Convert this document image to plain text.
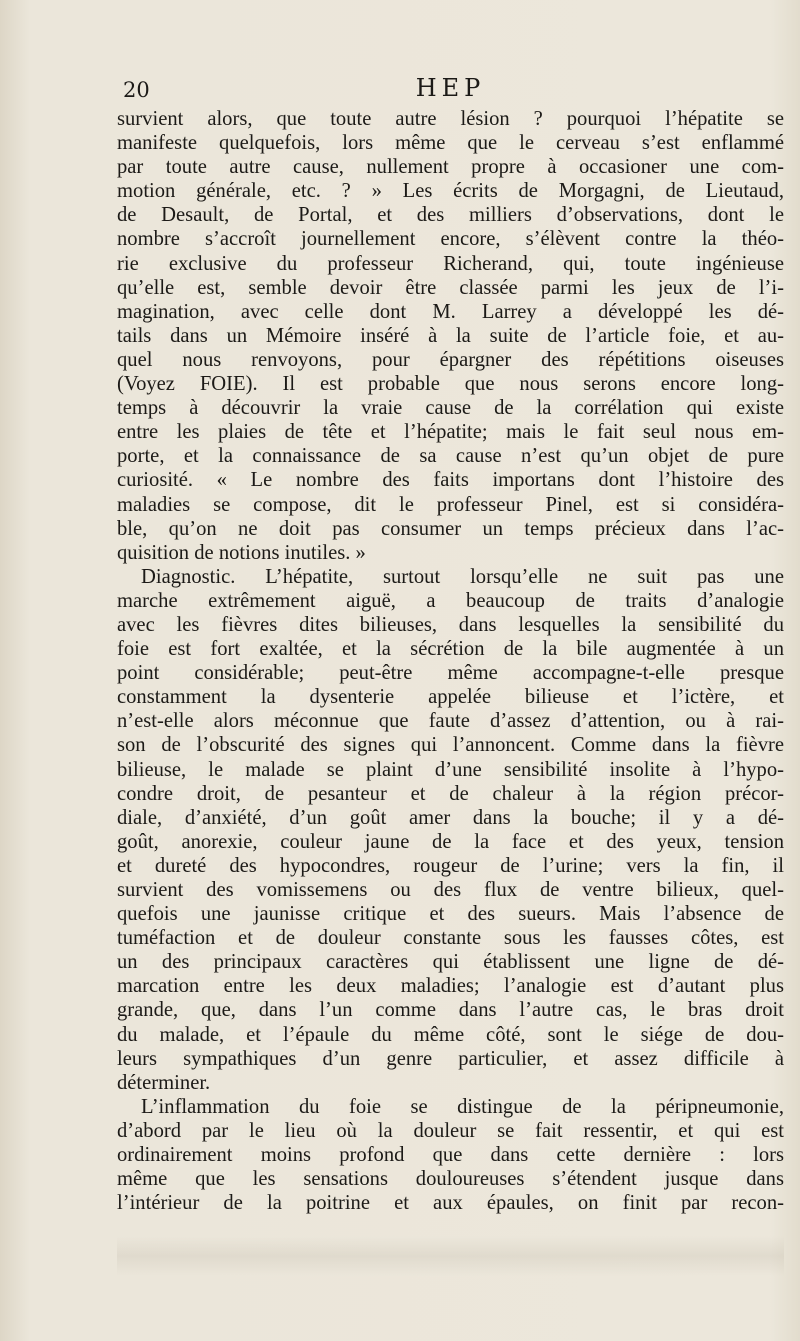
20	HEP
survient alors, que toute autre lésion ? pourquoi l’hépatite se
manifeste quelquefois, lors même que le cerveau s’est enflammé
par toute autre cause, nullement propre à occasioner une com-
motion générale, etc. ? » Les écrits de Morgagni, de Lieutaud,
de Desault, de Portal, et des milliers d’observations, dont le
nombre s’accroît journellement encore, s’élèvent contre la théo-
rie exclusive du professeur Richerand, qui, toute ingénieuse
qu’elle est, semble devoir être classée parmi les jeux de l’i-
magination, avec celle dont M. Larrey a développé les dé-
tails dans un Mémoire inséré à la suite de l’article foie, et au-
quel nous renvoyons, pour épargner des répétitions oiseuses
(Voyez FOIE). Il est probable que nous serons encore long-
temps à découvrir la vraie cause de la corrélation qui existe
entre les plaies de tête et l’hépatite; mais le fait seul nous em-
porte, et la connaissance de sa cause n’est qu’un objet de pure
curiosité. « Le nombre des faits importans dont l’histoire des
maladies se compose, dit le professeur Pinel, est si considéra-
ble, qu’on ne doit pas consumer un temps précieux dans l’ac-
quisition de notions inutiles. »
Diagnostic. L’hépatite, surtout lorsqu’elle ne suit pas une
marche extrêmement aiguë, a beaucoup de traits d’analogie
avec les fièvres dites bilieuses, dans lesquelles la sensibilité du
foie est fort exaltée, et la sécrétion de la bile augmentée à un
point considérable; peut-être même accompagne-t-elle presque
constamment la dysenterie appelée bilieuse et l’ictère, et
n’est-elle alors méconnue que faute d’assez d’attention, ou à rai-
son de l’obscurité des signes qui l’annoncent. Comme dans la fièvre
bilieuse, le malade se plaint d’une sensibilité insolite à l’hypo-
condre droit, de pesanteur et de chaleur à la région précor-
diale, d’anxiété, d’un goût amer dans la bouche; il y a dé-
goût, anorexie, couleur jaune de la face et des yeux, tension
et dureté des hypocondres, rougeur de l’urine; vers la fin, il
survient des vomissemens ou des flux de ventre bilieux, quel-
quefois une jaunisse critique et des sueurs. Mais l’absence de
tuméfaction et de douleur constante sous les fausses côtes, est
un des principaux caractères qui établissent une ligne de dé-
marcation entre les deux maladies; l’analogie est d’autant plus
grande, que, dans l’un comme dans l’autre cas, le bras droit
du malade, et l’épaule du même côté, sont le siége de dou-
leurs sympathiques d’un genre particulier, et assez difficile à
déterminer.
L’inflammation du foie se distingue de la péripneumonie,
d’abord par le lieu où la douleur se fait ressentir, et qui est
ordinairement moins profond que dans cette dernière : lors
même que les sensations douloureuses s’étendent jusque dans
l’intérieur de la poitrine et aux épaules, on finit par recon-
